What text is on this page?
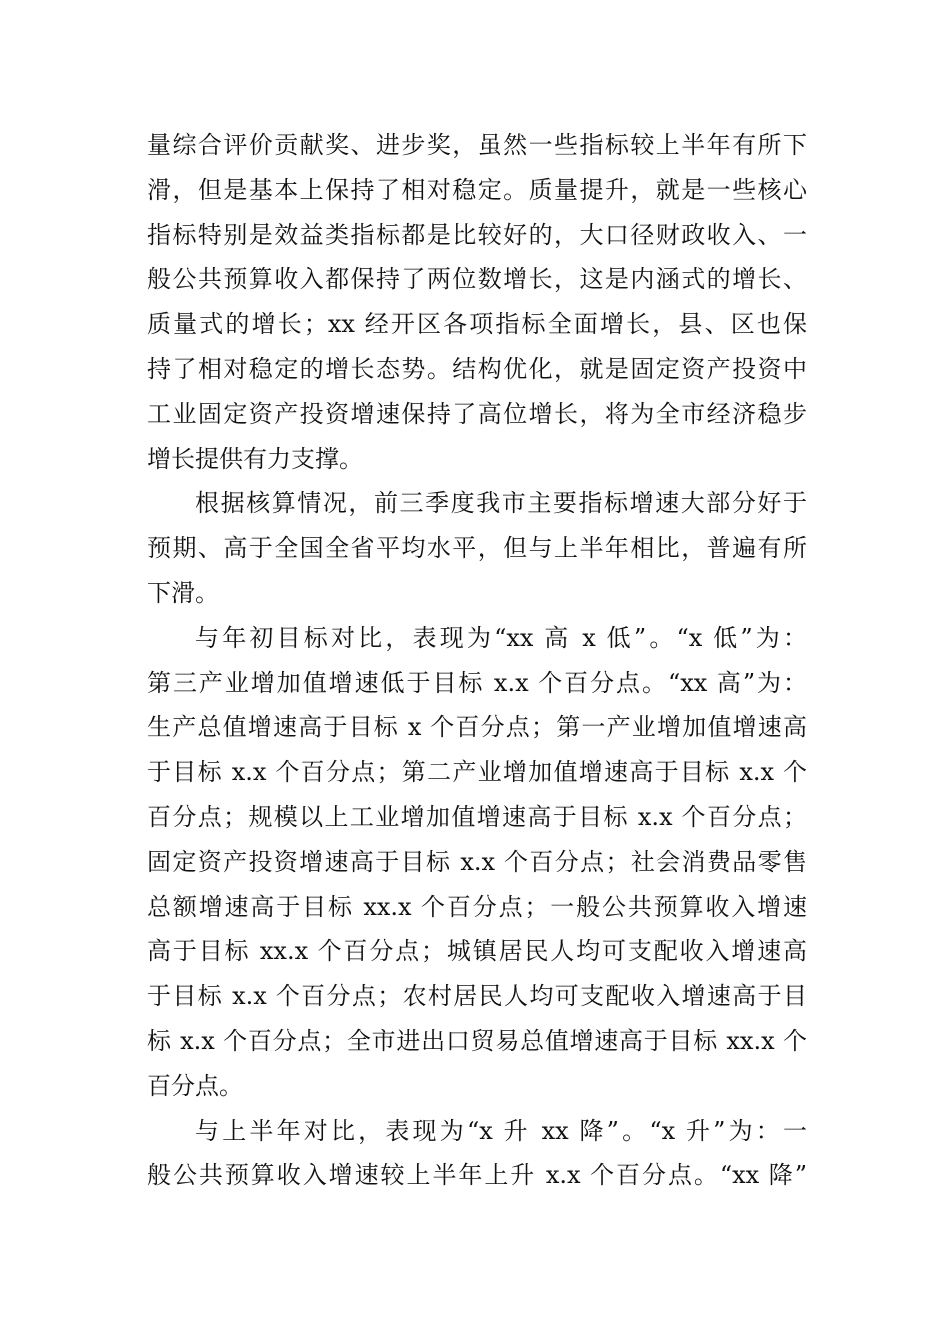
量综合评价贡献奖、进步奖，虽然一些指标较上半年有所下
滑，但是基本上保持了相对稳定。质量提升，就是一些核心
指标特别是效益类指标都是比较好的，大口径财政收入、一
般公共预算收入都保持了两位数增长，这是内涵式的增长、
质量式的增长；xx 经开区各项指标全面增长，县、区也保
持了相对稳定的增长态势。结构优化，就是固定资产投资中
工业固定资产投资增速保持了高位增长，将为全市经济稳步
增长提供有力支撑。
根据核算情况，前三季度我市主要指标增速大部分好于
预期、高于全国全省平均水平，但与上半年相比，普遍有所
下滑。
与年初目标对比，表现为“xx 高 x 低”。“x 低”为：
第三产业增加值增速低于目标 x.x 个百分点。“xx 高”为：
生产总值增速高于目标 x 个百分点；第一产业增加值增速高
于目标 x.x 个百分点；第二产业增加值增速高于目标 x.x 个
百分点；规模以上工业增加值增速高于目标 x.x 个百分点；
固定资产投资增速高于目标 x.x 个百分点；社会消费品零售
总额增速高于目标 xx.x 个百分点；一般公共预算收入增速
高于目标 xx.x 个百分点；城镇居民人均可支配收入增速高
于目标 x.x 个百分点；农村居民人均可支配收入增速高于目
标 x.x 个百分点；全市进出口贸易总值增速高于目标 xx.x 个
百分点。
与上半年对比，表现为“x 升 xx 降”。“x 升”为：一
般公共预算收入增速较上半年上升 x.x 个百分点。“xx 降”
